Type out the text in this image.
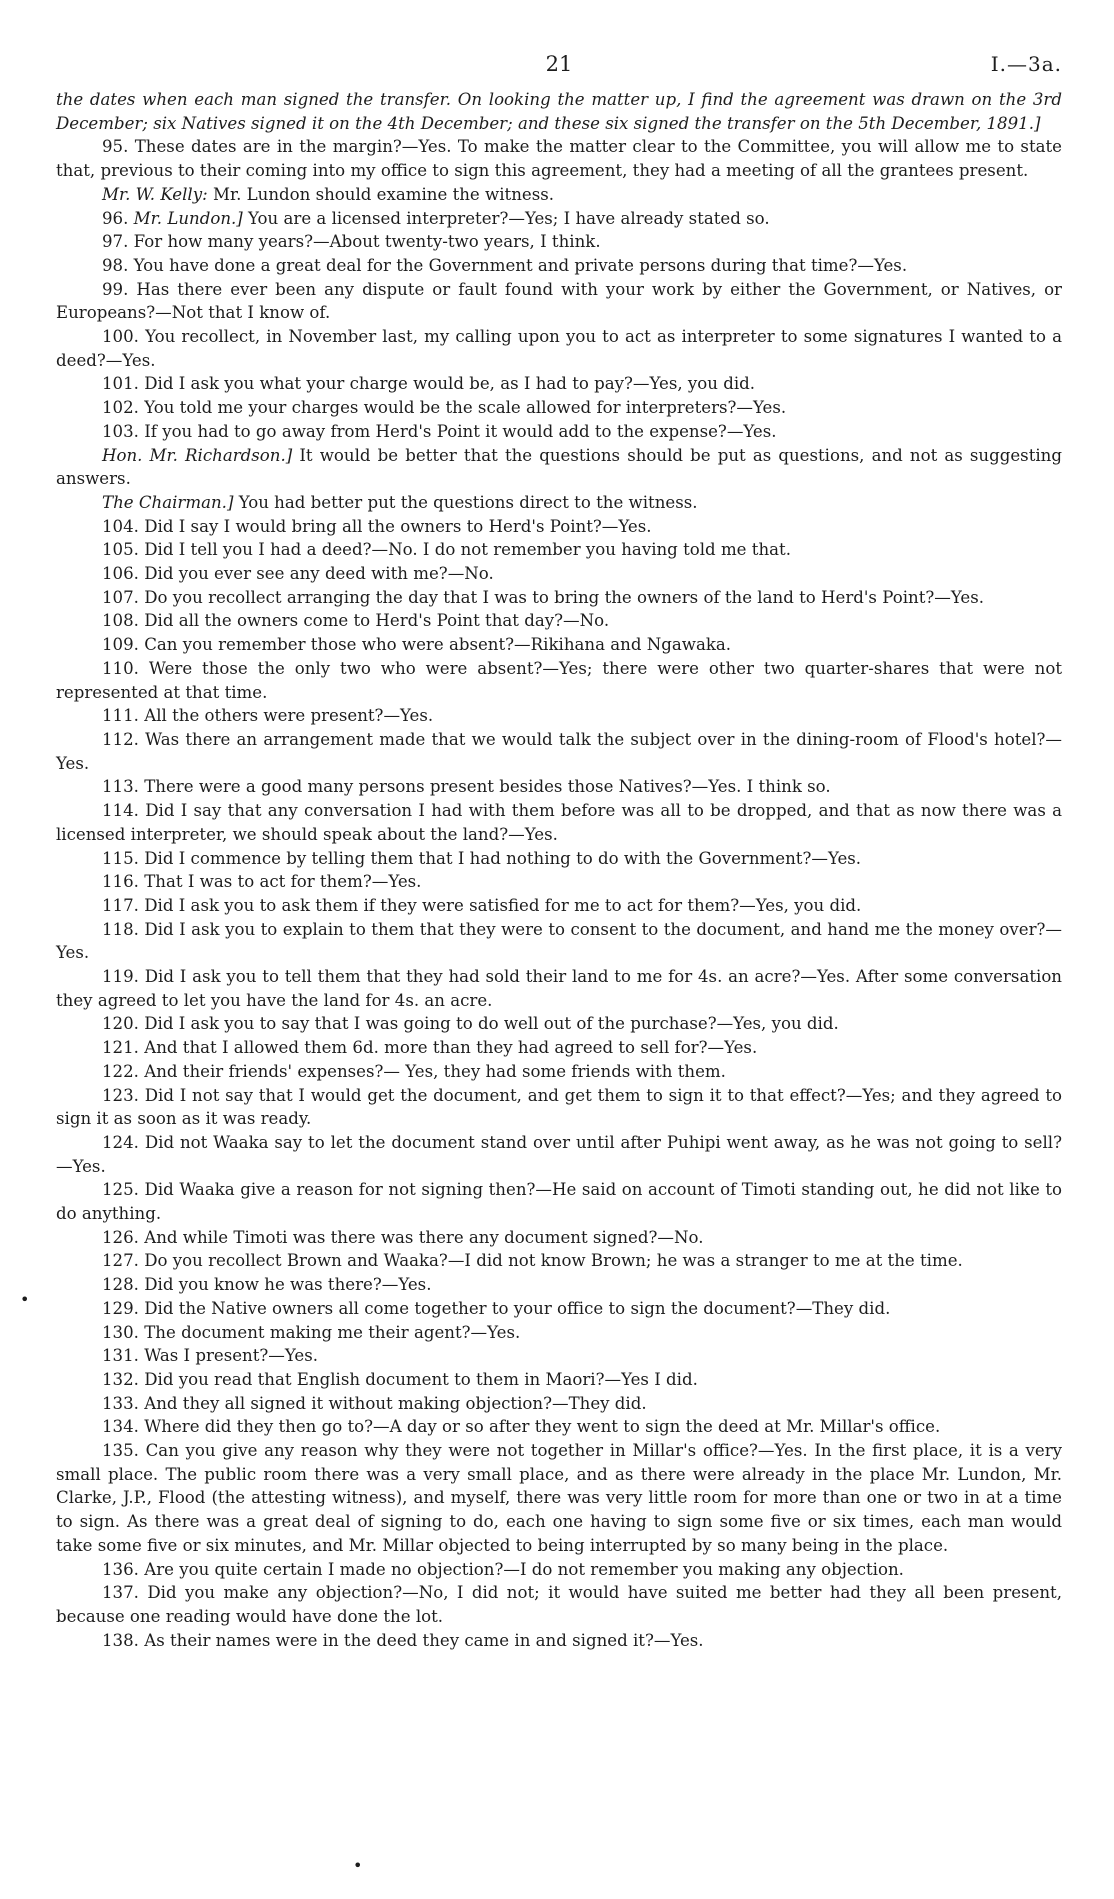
21	I.—3a.

the dates when each man signed the transfer. On looking the matter up, I find the agreement was drawn on the 3rd December; six Natives signed it on the 4th December; and these six signed the transfer on the 5th December, 1891.]

95. These dates are in the margin?—Yes. To make the matter clear to the Committee, you will allow me to state that, previous to their coming into my office to sign this agreement, they had a meeting of all the grantees present.

Mr. W. Kelly: Mr. Lundon should examine the witness.

96. Mr. Lundon.] You are a licensed interpreter?—Yes; I have already stated so.

97. For how many years?—About twenty-two years, I think.

98. You have done a great deal for the Government and private persons during that time?—Yes.

99. Has there ever been any dispute or fault found with your work by either the Government, or Natives, or Europeans?—Not that I know of.

100. You recollect, in November last, my calling upon you to act as interpreter to some signatures I wanted to a deed?—Yes.

101. Did I ask you what your charge would be, as I had to pay?—Yes, you did.

102. You told me your charges would be the scale allowed for interpreters?—Yes.

103. If you had to go away from Herd's Point it would add to the expense?—Yes.

Hon. Mr. Richardson.] It would be better that the questions should be put as questions, and not as suggesting answers.

The Chairman.] You had better put the questions direct to the witness.

104. Did I say I would bring all the owners to Herd's Point?—Yes.

105. Did I tell you I had a deed?—No. I do not remember you having told me that.

106. Did you ever see any deed with me?—No.

107. Do you recollect arranging the day that I was to bring the owners of the land to Herd's Point?—Yes.

108. Did all the owners come to Herd's Point that day?—No.

109. Can you remember those who were absent?—Rikihana and Ngawaka.

110. Were those the only two who were absent?—Yes; there were other two quarter-shares that were not represented at that time.

111. All the others were present?—Yes.

112. Was there an arrangement made that we would talk the subject over in the dining-room of Flood's hotel?—Yes.

113. There were a good many persons present besides those Natives?—Yes. I think so.

114. Did I say that any conversation I had with them before was all to be dropped, and that as now there was a licensed interpreter, we should speak about the land?—Yes.

115. Did I commence by telling them that I had nothing to do with the Government?—Yes.

116. That I was to act for them?—Yes.

117. Did I ask you to ask them if they were satisfied for me to act for them?—Yes, you did.

118. Did I ask you to explain to them that they were to consent to the document, and hand me the money over?—Yes.

119. Did I ask you to tell them that they had sold their land to me for 4s. an acre?—Yes. After some conversation they agreed to let you have the land for 4s. an acre.

120. Did I ask you to say that I was going to do well out of the purchase?—Yes, you did.

121. And that I allowed them 6d. more than they had agreed to sell for?—Yes.

122. And their friends' expenses?— Yes, they had some friends with them.

123. Did I not say that I would get the document, and get them to sign it to that effect?—Yes; and they agreed to sign it as soon as it was ready.

124. Did not Waaka say to let the document stand over until after Puhipi went away, as he was not going to sell?—Yes.

125. Did Waaka give a reason for not signing then?—He said on account of Timoti standing out, he did not like to do anything.

126. And while Timoti was there was there any document signed?—No.

127. Do you recollect Brown and Waaka?—I did not know Brown; he was a stranger to me at the time.

128. Did you know he was there?—Yes.

129. Did the Native owners all come together to your office to sign the document?—They did.

130. The document making me their agent?—Yes.

131. Was I present?—Yes.

132. Did you read that English document to them in Maori?—Yes I did.

133. And they all signed it without making objection?—They did.

134. Where did they then go to?—A day or so after they went to sign the deed at Mr. Millar's office.

135. Can you give any reason why they were not together in Millar's office?—Yes. In the first place, it is a very small place. The public room there was a very small place, and as there were already in the place Mr. Lundon, Mr. Clarke, J.P., Flood (the attesting witness), and myself, there was very little room for more than one or two in at a time to sign. As there was a great deal of signing to do, each one having to sign some five or six times, each man would take some five or six minutes, and Mr. Millar objected to being interrupted by so many being in the place.

136. Are you quite certain I made no objection?—I do not remember you making any objection.

137. Did you make any objection?—No, I did not; it would have suited me better had they all been present, because one reading would have done the lot.

138. As their names were in the deed they came in and signed it?—Yes.

•
•
